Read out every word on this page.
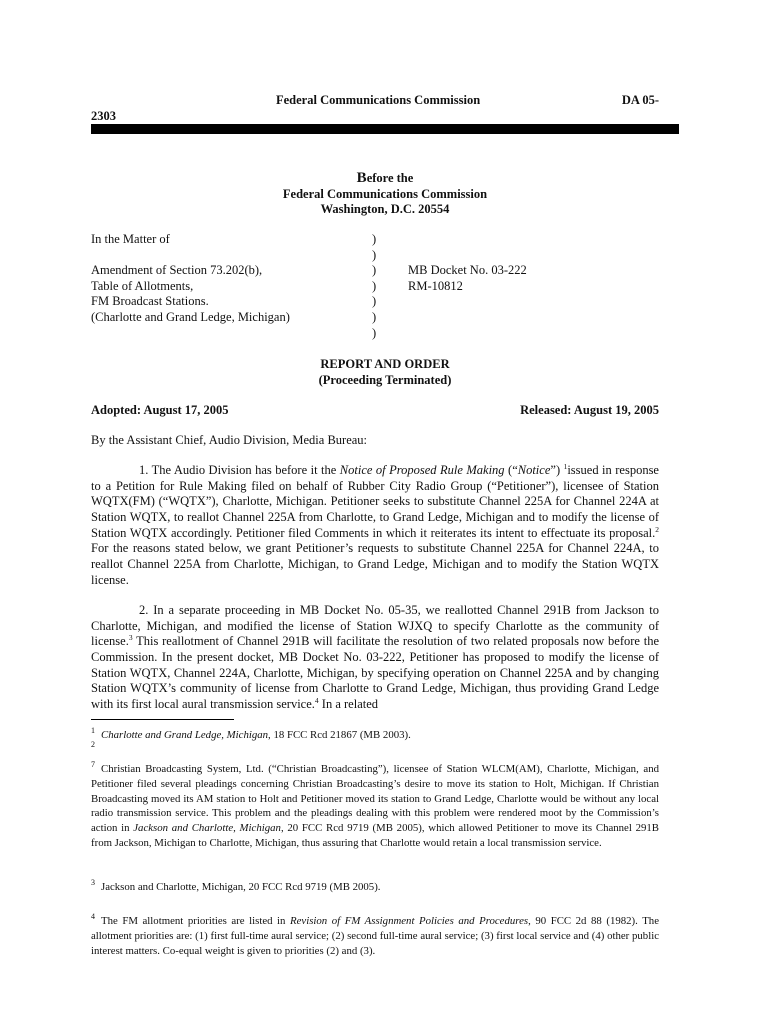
Federal Communications Commission	DA 05-
2303
Before the
Federal Communications Commission
Washington, D.C. 20554
In the Matter of
Amendment of Section 73.202(b),
Table of Allotments,
FM Broadcast Stations.
(Charlotte and Grand Ledge, Michigan)
)
)
)
)
)
)
)
MB Docket No. 03-222
RM-10812
REPORT AND ORDER
(Proceeding Terminated)
Adopted: August 17, 2005	Released: August 19, 2005
By the Assistant Chief, Audio Division, Media Bureau:
1. The Audio Division has before it the Notice of Proposed Rule Making (“Notice”) $^1$issued in response to a Petition for Rule Making filed on behalf of Rubber City Radio Group (“Petitioner”), licensee of Station WQTX(FM) (“WQTX”), Charlotte, Michigan. Petitioner seeks to substitute Channel 225A for Channel 224A at Station WQTX, to reallot Channel 225A from Charlotte, to Grand Ledge, Michigan and to modify the license of Station WQTX accordingly. Petitioner filed Comments in which it reiterates its intent to effectuate its proposal.$^2$ For the reasons stated below, we grant Petitioner’s requests to substitute Channel 225A for Channel 224A, to reallot Channel 225A from Charlotte, Michigan, to Grand Ledge, Michigan and to modify the Station WQTX license.
2. In a separate proceeding in MB Docket No. 05-35, we reallotted Channel 291B from Jackson to Charlotte, Michigan, and modified the license of Station WJXQ to specify Charlotte as the community of license.$^3$ This reallotment of Channel 291B will facilitate the resolution of two related proposals now before the Commission. In the present docket, MB Docket No. 03-222, Petitioner has proposed to modify the license of Station WQTX, Channel 224A, Charlotte, Michigan, by specifying operation on Channel 225A and by changing Station WQTX’s community of license from Charlotte to Grand Ledge, Michigan, thus providing Grand Ledge with its first local aural transmission service.$^4$ In a related
$^1$ Charlotte and Grand Ledge, Michigan, 18 FCC Rcd 21867 (MB 2003).
$^2$
$^7$ Christian Broadcasting System, Ltd. (“Christian Broadcasting”), licensee of Station WLCM(AM), Charlotte, Michigan, and Petitioner filed several pleadings concerning Christian Broadcasting’s desire to move its station to Holt, Michigan. If Christian Broadcasting moved its AM station to Holt and Petitioner moved its station to Grand Ledge, Charlotte would be without any local radio transmission service. This problem and the pleadings dealing with this problem were rendered moot by the Commission’s action in Jackson and Charlotte, Michigan, 20 FCC Rcd 9719 (MB 2005), which allowed Petitioner to move its Channel 291B from Jackson, Michigan to Charlotte, Michigan, thus assuring that Charlotte would retain a local transmission service.
$^3$ Jackson and Charlotte, Michigan, 20 FCC Rcd 9719 (MB 2005).
$^4$ The FM allotment priorities are listed in Revision of FM Assignment Policies and Procedures, 90 FCC 2d 88 (1982). The allotment priorities are: (1) first full-time aural service; (2) second full-time aural service; (3) first local service and (4) other public interest matters. Co-equal weight is given to priorities (2) and (3).
